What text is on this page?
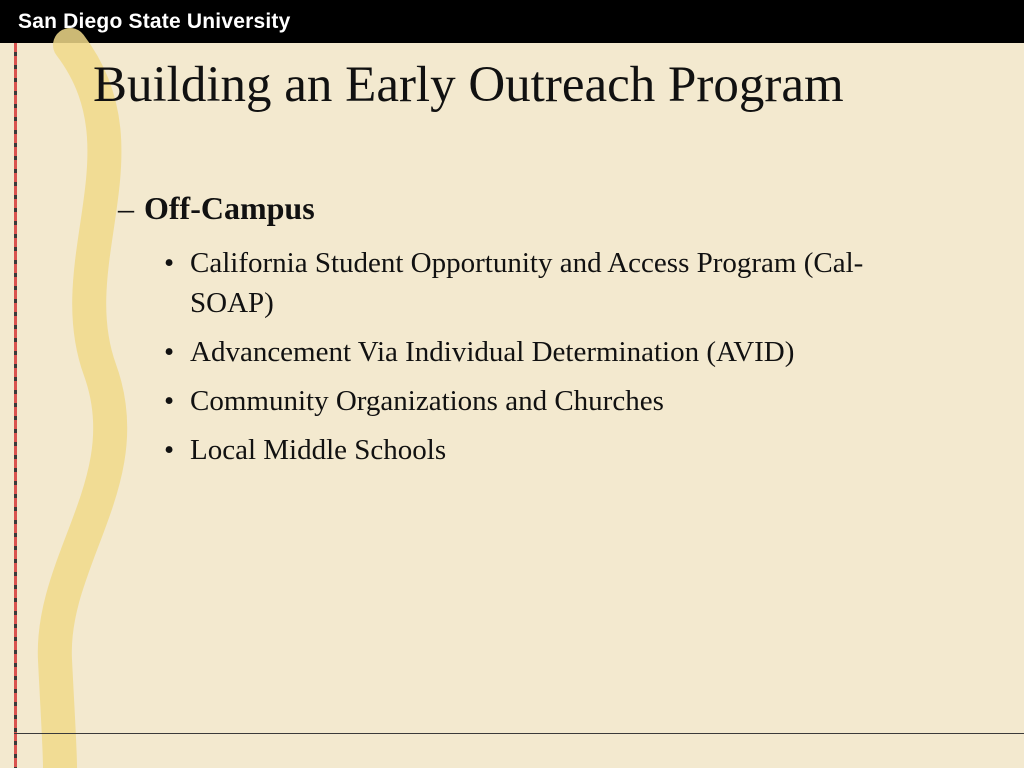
San Diego State University
Building an Early Outreach Program
– Off-Campus
• California Student Opportunity and Access Program (Cal-SOAP)
• Advancement Via Individual Determination (AVID)
• Community Organizations and Churches
• Local Middle Schools
